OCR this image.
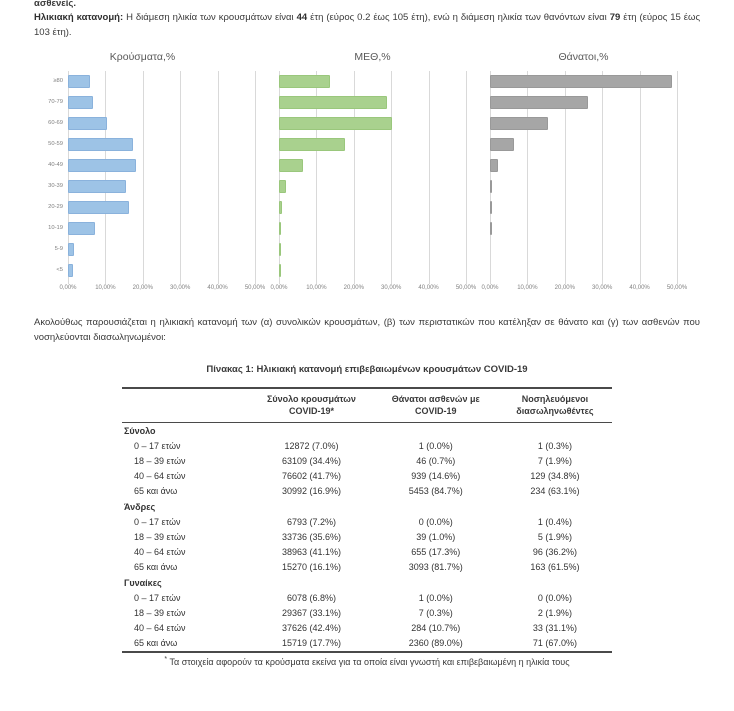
ασθενείς.

Ηλικιακή κατανομή: Η διάμεση ηλικία των κρουσμάτων είναι 44 έτη (εύρος 0.2 έως 105 έτη), ενώ η διάμεση ηλικία των θανόντων είναι 79 έτη (εύρος 15 έως 103 έτη).

Κρούσματα,%
≥80
70-79
60-69
50-59
40-49
30-39
20-29
10-19
5-9
<5
0,00%	10,00%	20,00%	30,00%	40,00%	50,00%
ΜΕΘ,%
0,00%	10,00%	20,00%	30,00%	40,00%	50,00%
Θάνατοι,%
0,00%	10,00%	20,00%	30,00%	40,00%	50,00%

Ακολούθως παρουσιάζεται η ηλικιακή κατανομή των (α) συνολικών κρουσμάτων, (β) των περιστατικών που κατέληξαν σε θάνατο και (γ) των ασθενών που νοσηλεύονται διασωληνωμένοι:

Πίνακας 1: Ηλικιακή κατανομή επιβεβαιωμένων κρουσμάτων COVID-19
	Σύνολο κρουσμάτων COVID-19*	Θάνατοι ασθενών με COVID-19	Νοσηλευόμενοι διασωληνωθέντες
Σύνολο			
0 – 17 ετών	12872 (7.0%)	1 (0.0%)	1 (0.3%)
18 – 39 ετών	63109 (34.4%)	46 (0.7%)	7 (1.9%)
40 – 64 ετών	76602 (41.7%)	939 (14.6%)	129 (34.8%)
65 και άνω	30992 (16.9%)	5453 (84.7%)	234 (63.1%)
Άνδρες			
0 – 17 ετών	6793 (7.2%)	0 (0.0%)	1 (0.4%)
18 – 39 ετών	33736 (35.6%)	39 (1.0%)	5 (1.9%)
40 – 64 ετών	38963 (41.1%)	655 (17.3%)	96 (36.2%)
65 και άνω	15270 (16.1%)	3093 (81.7%)	163 (61.5%)
Γυναίκες			
0 – 17 ετών	6078 (6.8%)	1 (0.0%)	0 (0.0%)
18 – 39 ετών	29367 (33.1%)	7 (0.3%)	2 (1.9%)
40 – 64 ετών	37626 (42.4%)	284 (10.7%)	33 (31.1%)
65 και άνω	15719 (17.7%)	2360 (89.0%)	71 (67.0%)
* Τα στοιχεία αφορούν τα κρούσματα εκείνα για τα οποία είναι γνωστή και επιβεβαιωμένη η ηλικία τους
